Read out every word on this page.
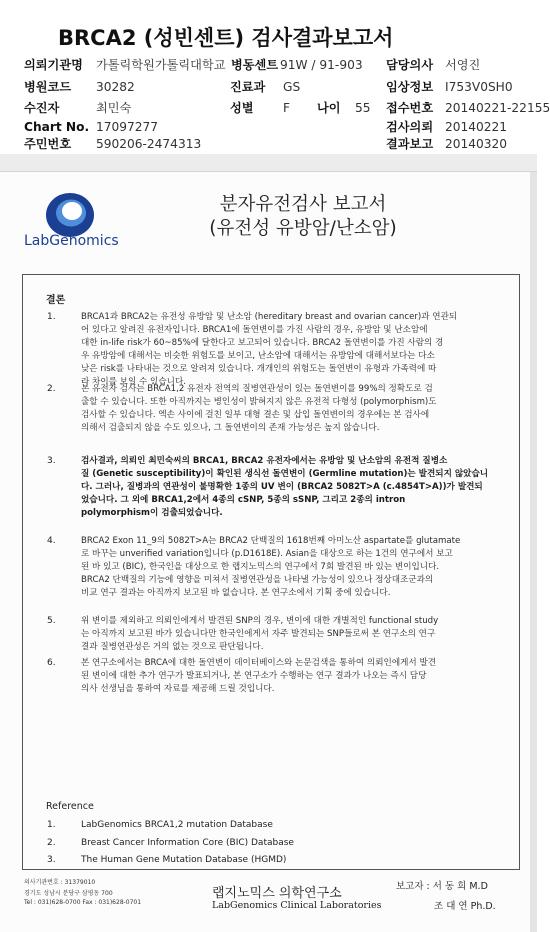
BRCA2 (성빈센트) 검사결과보고서
의뢰기관명	가톨릭학원가톨릭대학교 병동센트 91W / 91-903	담당의사 서영진
병원코드	30282	진료과	GS	임상정보 I753V0SH0
수진자	최민숙	성별	F	나이	55	접수번호 20140221-22155
Chart No. 17097277	검사의뢰 20140221
주민번호	590206-2474313	결과보고 20140320
LabGenomics
분자유전검사 보고서
(유전성 유방암/난소암)
결론
1.	BRCA1과 BRCA2는 유전성 유방암 및 난소암 (hereditary breast and ovarian cancer)과 연관되
어 있다고 알려진 유전자입니다. BRCA1에 돌연변이를 가진 사람의 경우, 유방암 및 난소암에
대한 in-life risk가 60~85%에 달한다고 보고되어 있습니다. BRCA2 돌연변이를 가진 사람의 경
우 유방암에 대해서는 비슷한 위험도를 보이고, 난소암에 대해서는 유방암에 대해서보다는 다소
낮은 risk를 나타내는 것으로 알려져 있습니다. 개개인의 위험도는 돌연변이 유형과 가족력에 따
라 차이를 보일 수 있습니다.
2.	본 유전자 검사는 BRCA1,2 유전자 전역의 질병연관성이 있는 돌연변이를 99%의 정확도로 검
출할 수 있습니다. 또한 아직까지는 병인성이 밝혀지지 않은 유전적 다형성 (polymorphism)도
검사할 수 있습니다. 엑손 사이에 걸친 일부 대형 결손 및 삽입 돌연변이의 경우에는 본 검사에
의해서 검출되지 않을 수도 있으나, 그 돌연변이의 존재 가능성은 높지 않습니다.
3.	검사결과, 의뢰인 최민숙씨의 BRCA1, BRCA2 유전자에서는 유방암 및 난소암의 유전적 질병소
질 (Genetic susceptibility)이 확인된 생식선 돌연변이 (Germline mutation)는 발견되지 않았습니
다. 그러나, 질병과의 연관성이 불명확한 1종의 UV 변이 (BRCA2 5082T>A (c.4854T>A))가 발견되
었습니다. 그 외에 BRCA1,2에서 4종의 cSNP, 5종의 sSNP, 그리고 2종의 intron
polymorphism이 검출되었습니다.
4.	BRCA2 Exon 11_9의 5082T>A는 BRCA2 단백질의 1618번째 아미노산 aspartate를 glutamate
로 바꾸는 unverified variation입니다 (p.D1618E). Asian을 대상으로 하는 1건의 연구에서 보고
된 바 있고 (BIC), 한국인을 대상으로 한 랩지노믹스의 연구에서 7회 발견된 바 있는 변이입니다.
BRCA2 단백질의 기능에 영향을 미쳐서 질병연관성을 나타낼 가능성이 있으나 정상대조군과의
비교 연구 결과는 아직까지 보고된 바 없습니다. 본 연구소에서 기획 중에 있습니다.
5.	위 변이를 제외하고 의뢰인에게서 발견된 SNP의 경우, 변이에 대한 개별적인 functional study
는 아직까지 보고된 바가 있습니다만 한국인에게서 자주 발견되는 SNP들로써 본 연구소의 연구
결과 질병연관성은 거의 없는 것으로 판단됩니다.
6.	본 연구소에서는 BRCA에 대한 돌연변이 데이터베이스와 논문검색을 통하여 의뢰인에게서 발견
된 변이에 대한 추가 연구가 발표되거나, 본 연구소가 수행하는 연구 결과가 나오는 즉시 담당
의사 선생님을 통하여 자료를 제공해 드릴 것입니다.
Reference
1.	LabGenomics BRCA1,2 mutation Database
2.	Breast Cancer Information Core (BIC) Database
3.	The Human Gene Mutation Database (HGMD)
랩지노믹스 의학연구소
LabGenomics Clinical Laboratories
의사기관번호 : 31379010
경기도 성남시 분당구 삼평동 700
Tel : 031)628-0700 Fax : 031)628-0701
보고자 : 서 동 희 M.D
조 대 연 Ph.D.
